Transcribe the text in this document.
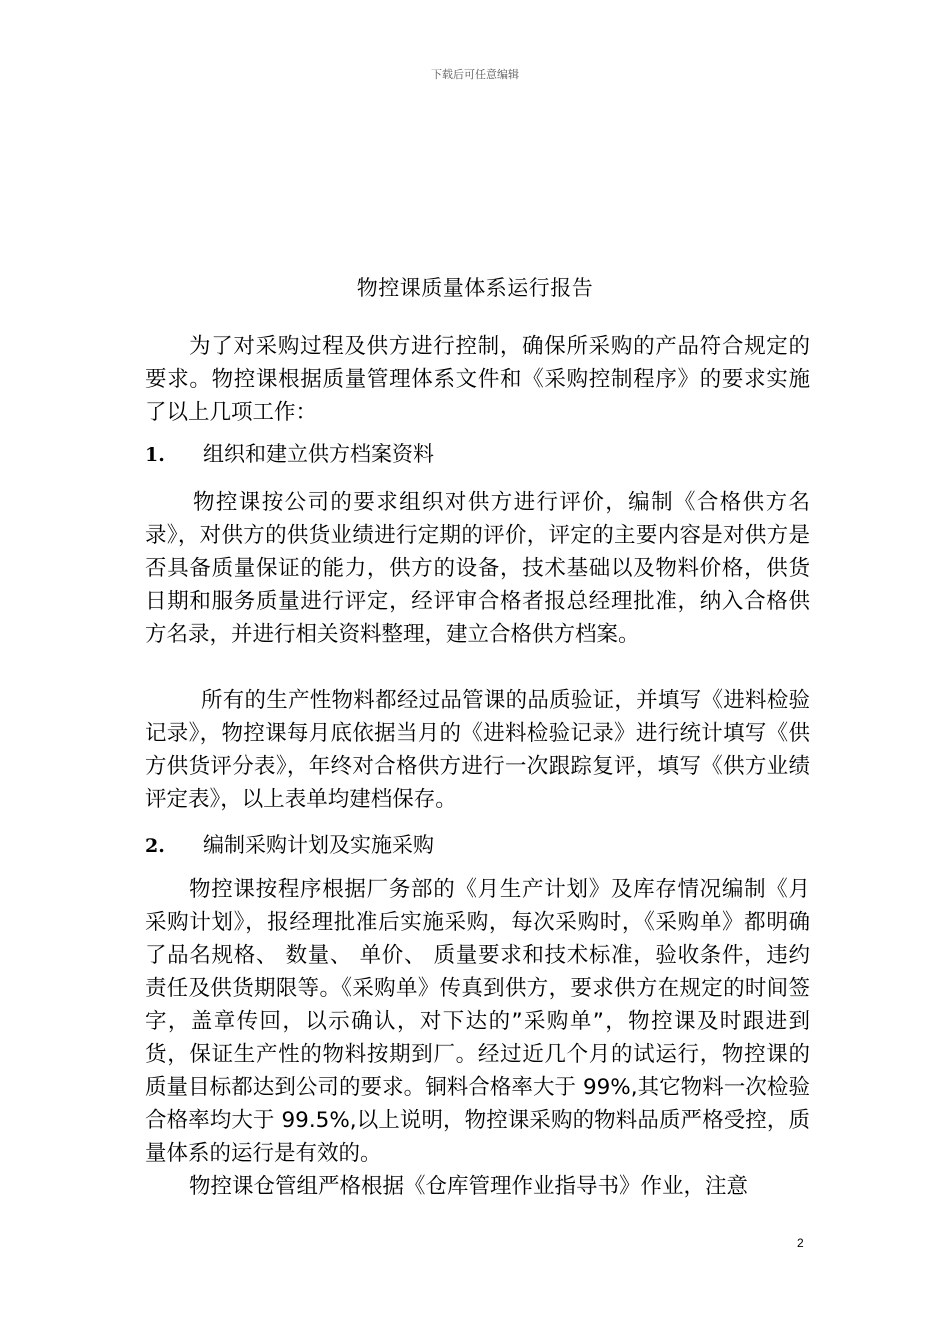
下载后可任意编辑
物控课质量体系运行报告

为了对采购过程及供方进行控制，确保所采购的产品符合规定的要求。物控课根据质量管理体系文件和《采购控制程序》的要求实施了以上几项工作：

1. 组织和建立供方档案资料

物控课按公司的要求组织对供方进行评价，编制《合格供方名录》，对供方的供货业绩进行定期的评价，评定的主要内容是对供方是否具备质量保证的能力，供方的设备，技术基础以及物料价格，供货日期和服务质量进行评定，经评审合格者报总经理批准，纳入合格供方名录，并进行相关资料整理，建立合格供方档案。

所有的生产性物料都经过品管课的品质验证，并填写《进料检验记录》，物控课每月底依据当月的《进料检验记录》进行统计填写《供方供货评分表》，年终对合格供方进行一次跟踪复评，填写《供方业绩评定表》，以上表单均建档保存。

2. 编制采购计划及实施采购

物控课按程序根据厂务部的《月生产计划》及库存情况编制《月采购计划》，报经理批准后实施采购，每次采购时，《采购单》都明确了品名规格、 数量、 单价、 质量要求和技术标准，验收条件，违约责任及供货期限等。《采购单》传真到供方，要求供方在规定的时间签字，盖章传回，以示确认，对下达的”采购单”，物控课及时跟进到货，保证生产性的物料按期到厂。经过近几个月的试运行，物控课的质量目标都达到公司的要求。铜料合格率大于 99%,其它物料一次检验合格率均大于 99.5%,以上说明，物控课采购的物料品质严格受控，质量体系的运行是有效的。

物控课仓管组严格根据《仓库管理作业指导书》作业，注意

2
